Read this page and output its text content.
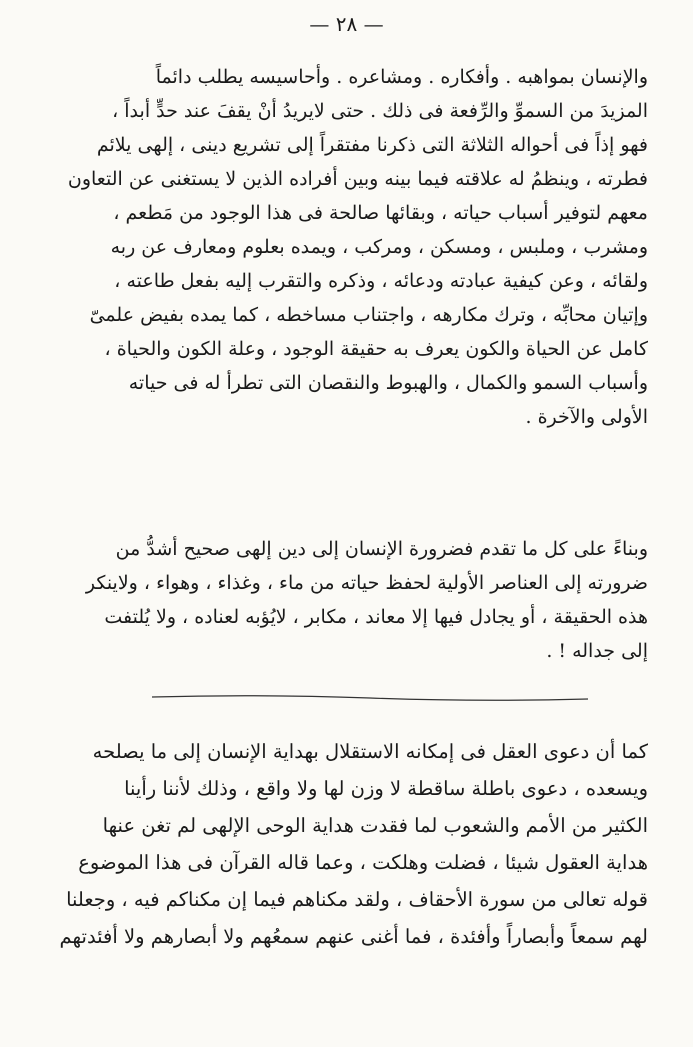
— ٢٨ —
والإنسان بمواهبه . وأفكاره . ومشاعره . وأحاسيسه يطلب دائماً
المزيدَ من السموِّ والرِّفعة فى ذلك . حتى لايريدُ أنْ يقفَ عند حدٍّ أبداً ،
فهو إذاً فى أحواله الثلاثة التى ذكرنا مفتقراً إلى تشريع دينى ، إلهى يلائم
فطرته ، وينظمُ له علاقته فيما بينه وبين أفراده الذين لا يستغنى عن التعاون
معهم لتوفير أسباب حياته ، وبقائها صالحة فى هذا الوجود من مَطعم ،
ومشرب ، وملبس ، ومسكن ، ومركب ، ويمده بعلوم ومعارف عن ربه
ولقائه ، وعن كيفية عبادته ودعائه ، وذكره والتقرب إليه بفعل طاعته ،
وإتيان محابِّه ، وترك مكارهه ، واجتناب مساخطه ، كما يمده بفيض علمىّ
كامل عن الحياة والكون يعرف به حقيقة الوجود ، وعلة الكون والحياة ،
وأسباب السمو والكمال ، والهبوط والنقصان التى تطرأ له فى حياته
الأولى والآخرة .
وبناءً على كل ما تقدم فضرورة الإنسان إلى دين إلهى صحيح أشدُّ من
ضرورته إلى العناصر الأولية لحفظ حياته من ماء ، وغذاء ، وهواء ، ولاينكر
هذه الحقيقة ، أو يجادل فيها إلا معاند ، مكابر ، لايُؤبه لعناده ، ولا يُلتفت
إلى جداله ! .
كما أن دعوى العقل فى إمكانه الاستقلال بهداية الإنسان إلى ما يصلحه
ويسعده ، دعوى باطلة ساقطة لا وزن لها ولا واقع ، وذلك لأننا رأينا
الكثير من الأمم والشعوب لما فقدت هداية الوحى الإلهى لم تغن عنها
هداية العقول شيئا ، فضلت وهلكت ، وعما قاله القرآن فى هذا الموضوع
قوله تعالى من سورة الأحقاف ، ولقد مكناهم فيما إن مكناكم فيه ، وجعلنا
لهم سمعاً وأبصاراً وأفئدة ، فما أغنى عنهم سمعُهم ولا أبصارهم ولا أفئدتهم
